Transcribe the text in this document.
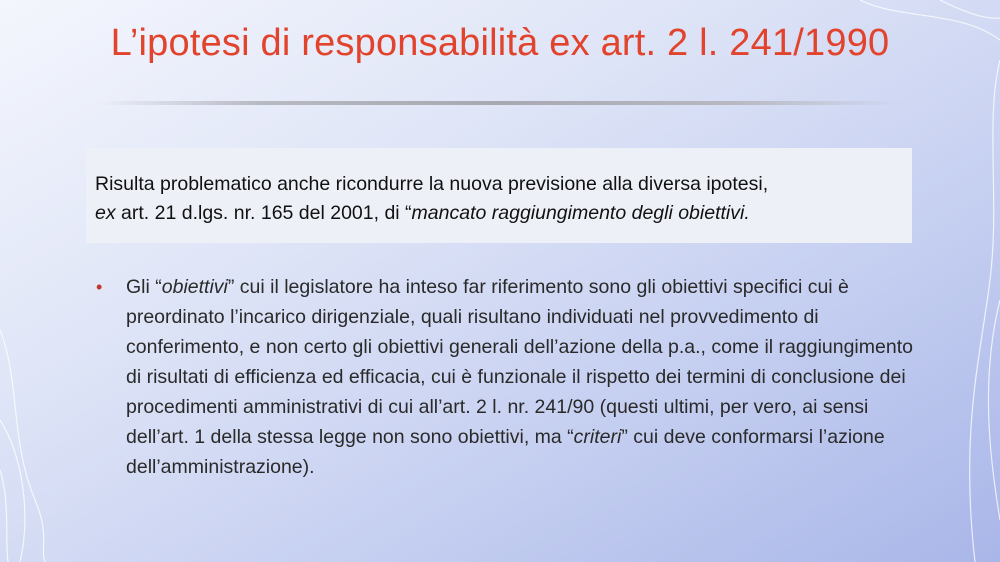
L’ipotesi di responsabilità ex art. 2 l. 241/1990
Risulta problematico anche ricondurre la nuova previsione alla diversa ipotesi,
ex art. 21 d.lgs. nr. 165 del 2001, di “mancato raggiungimento degli obiettivi.
• Gli “obiettivi” cui il legislatore ha inteso far riferimento sono gli obiettivi specifici cui è preordinato l’incarico dirigenziale, quali risultano individuati nel provvedimento di conferimento, e non certo gli obiettivi generali dell’azione della p.a., come il raggiungimento di risultati di efficienza ed efficacia, cui è funzionale il rispetto dei termini di conclusione dei procedimenti amministrativi di cui all’art. 2 l. nr. 241/90 (questi ultimi, per vero, ai sensi dell’art. 1 della stessa legge non sono obiettivi, ma “criteri” cui deve conformarsi l’azione dell’amministrazione).
